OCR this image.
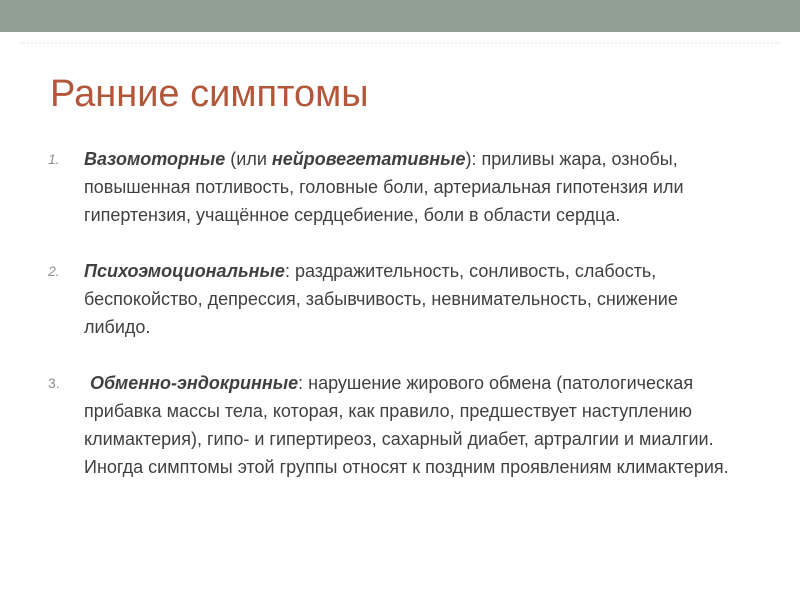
Ранние симптомы
1. Вазомоторные (или нейровегетативные): приливы жара, ознобы, повышенная потливость, головные боли, артериальная гипотензия или гипертензия, учащённое сердцебиение, боли в области сердца.
2. Психоэмоциональные: раздражительность, сонливость, слабость, беспокойство, депрессия, забывчивость, невнимательность, снижение либидо.
3. Обменно-эндокринные: нарушение жирового обмена (патологическая прибавка массы тела, которая, как правило, предшествует наступлению климактерия), гипо- и гипертиреоз, сахарный диабет, артралгии и миалгии. Иногда симптомы этой группы относят к поздним проявлениям климактерия.
